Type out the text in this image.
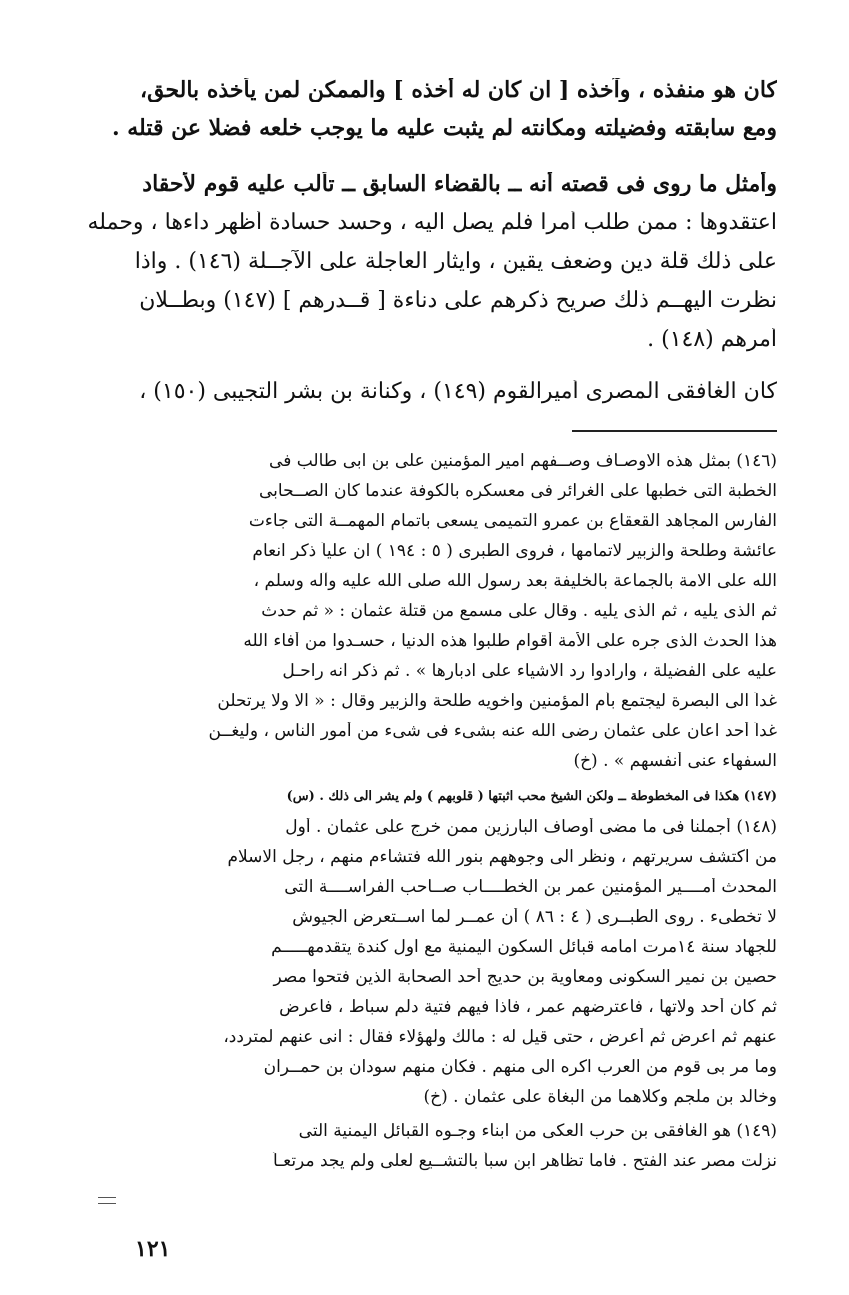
كان هو منفذه ، وآخذه [ ان كان له أخذه ] والممكن لمن يأخذه بالحق،
ومع سابقته وفضيلته ومكانته لم يثبت عليه ما يوجب خلعه فضلا عن قتله .
وأمثل ما روى فى قصته أنه ــ بالقضاء السابق ــ تألب عليه قوم لأحقاد
اعتقدوها : ممن طلب أمراً فلم يصل اليه ، وحسد حسادة أظهر داءها ، وحمله
على ذلك قلة دين وضعف يقين ، وايثار العاجلة على الآجــلة (١٤٦) . واذا
نظرت اليهــم ذلك صريح ذكرهم على دناءة [ قــدرهم ] (١٤٧) وبطــلان
أمرهم (١٤٨) .
كان الغافقى المصرى أميرالقوم (١٤٩) ، وكنانة بن بشر التجيبى (١٥٠) ،
(١٤٦) بمثل هذه الاوصـاف وصــفهم امير المؤمنين على بن ابى طالب فى
الخطبة التى خطبها على الغرائر فى معسكره بالكوفة عندما كان الصــحابى
الفارس المجاهد القعقاع بن عمرو التميمى يسعى باتمام المهمــة التى جاءت
عائشة وطلحة والزبير لاتمامها ، فروى الطبرى ( ٥ : ١٩٤ ) ان علياً ذكر انعام
الله على الامة بالجماعة بالخليفة بعد رسول الله صلى الله عليه وآله وسلم ،
ثم الذى يليه ، ثم الذى يليه . وقال على مسمع من قتلة عثمان : « ثم حدث
هذا الحدث الذى جره على الأمة أقوام طلبوا هذه الدنيا ، حسـدوا من أفاء الله
عليه على الفضيلة ، وارادوا رد الاشياء على ادبارها » . ثم ذكر انه راحـل
غداً الى البصرة ليجتمع بأم المؤمنين واخويه طلحة والزبير وقال : « الا ولا يرتحلن
غداً أحد اعان على عثمان رضى الله عنه بشىء فى شىء من أمور الناس ، وليغــن
السفهاء عنى أنفسهم » . (خ)
(١٤٧) هكذا فى المخطوطة ــ ولكن الشيخ محب أثبتها ( قلوبهم ) ولم يشر الى ذلك . (س)
(١٤٨) أجملنا فى ما مضى أوصاف البارزين ممن خرج على عثمان . أول
من اكتشف سريرتهم ، ونظر الى وجوههم بنور الله فتشاءم منهم ، رجل الاسلام
المحدث أمــــير المؤمنين عمر بن الخطــــاب صــاحب الفراســــة التى
لا تخطىء . روى الطبــرى ( ٤ : ٨٦ ) أن عمــر لما اســتعرض الجيوش
للجهاد سنة ١٤مرت امامه قبائل السكون اليمنية مع اول كندة يتقدمهـــــم
حصين بن نمير السكونى ومعاوية بن حديج أحد الصحابة الذين فتحوا مصر
ثم كان أحد ولاتها ، فاعترضهم عمر ، فاذا فيهم فتية دلم سباط ، فاعرض
عنهم ثم اعرض ثم أعرض ، حتى قيل له : مالك ولهؤلاء فقال : انى عنهم لمتردد،
وما مر بى قوم من العرب اكره الى منهم . فكان منهم سودان بن حمــران
وخالد بن ملجم وكلاهما من البغاة على عثمان . (خ)
(١٤٩) هو الغافقى بن حرب العكى من ابناء وجـوه القبائل اليمنية التى
نزلت مصر عند الفتح . فاما تظاهر ابن سبأ بالتشــيع لعلى ولم يجد مرتعـاً
١٢١
